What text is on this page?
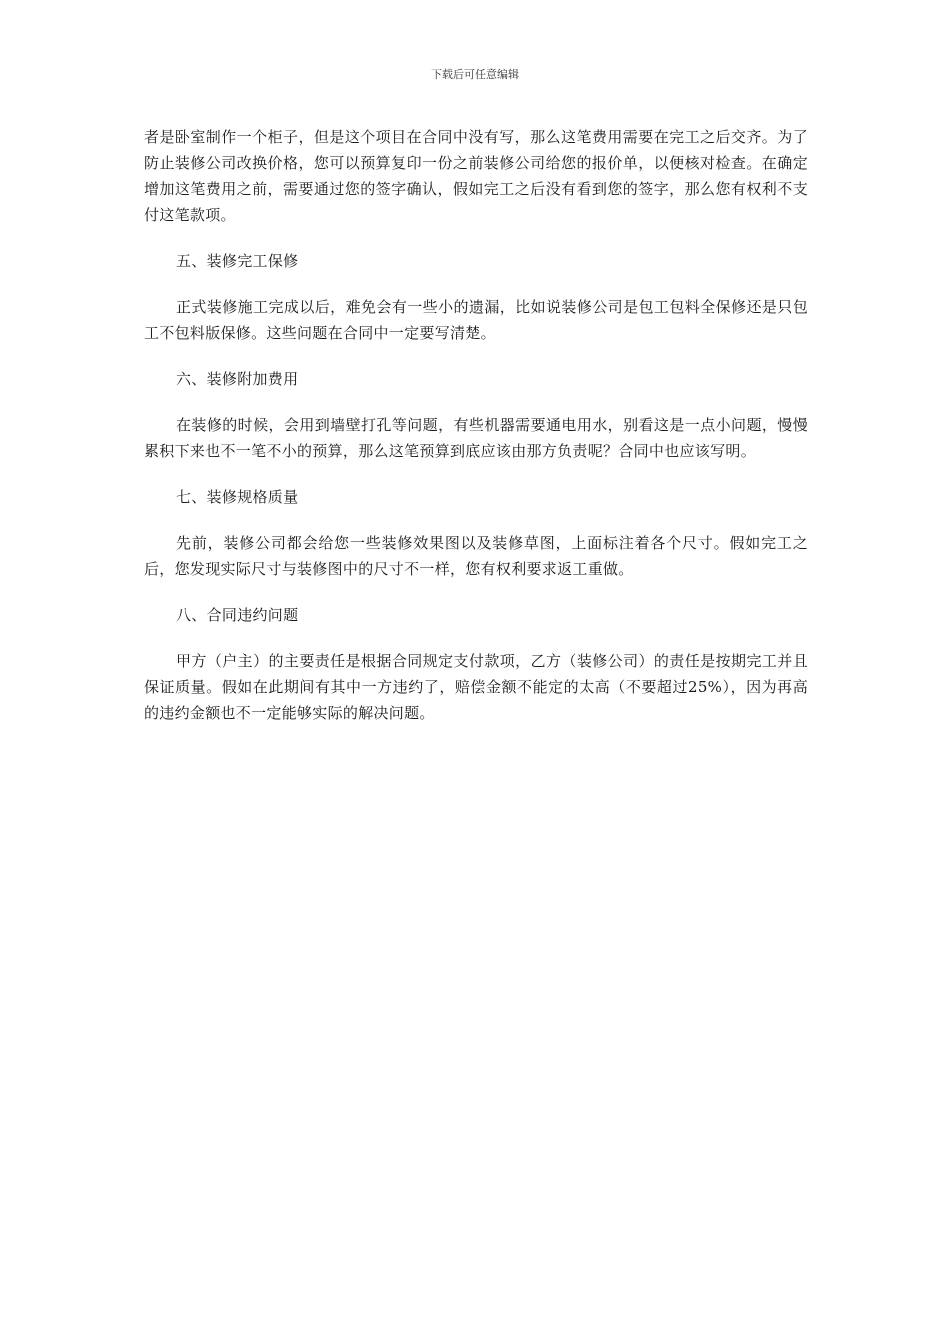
下载后可任意编辑

者是卧室制作一个柜子，但是这个项目在合同中没有写，那么这笔费用需要在完工之后交齐。为了防止装修公司改换价格，您可以预算复印一份之前装修公司给您的报价单，以便核对检查。在确定增加这笔费用之前，需要通过您的签字确认，假如完工之后没有看到您的签字，那么您有权利不支付这笔款项。

五、装修完工保修

正式装修施工完成以后，难免会有一些小的遗漏，比如说装修公司是包工包料全保修还是只包工不包料版保修。这些问题在合同中一定要写清楚。

六、装修附加费用

在装修的时候，会用到墙壁打孔等问题，有些机器需要通电用水，别看这是一点小问题，慢慢累积下来也不一笔不小的预算，那么这笔预算到底应该由那方负责呢？合同中也应该写明。

七、装修规格质量

先前，装修公司都会给您一些装修效果图以及装修草图，上面标注着各个尺寸。假如完工之后，您发现实际尺寸与装修图中的尺寸不一样，您有权利要求返工重做。

八、合同违约问题

甲方（户主）的主要责任是根据合同规定支付款项，乙方（装修公司）的责任是按期完工并且保证质量。假如在此期间有其中一方违约了，赔偿金额不能定的太高（不要超过25%），因为再高的违约金额也不一定能够实际的解决问题。
